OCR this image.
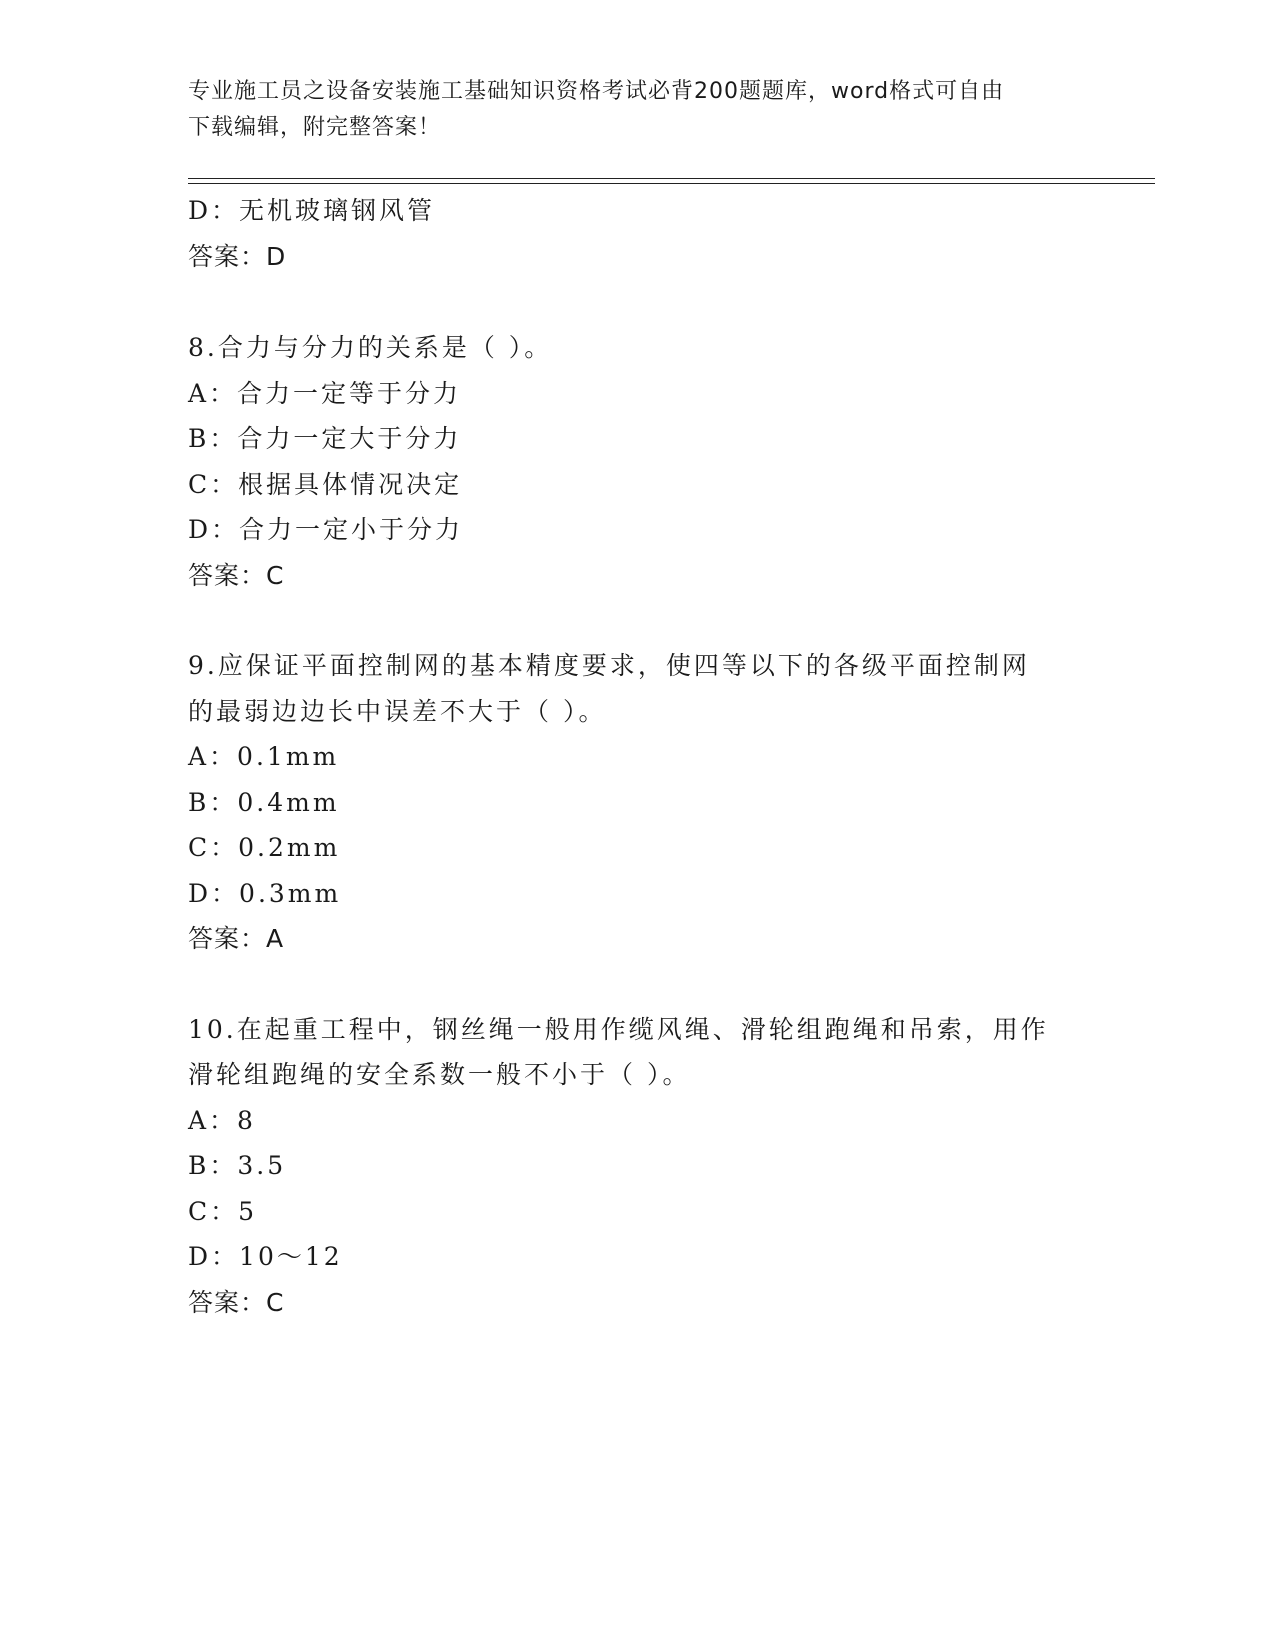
专业施工员之设备安装施工基础知识资格考试必背200题题库，word格式可自由
下载编辑，附完整答案！
D：无机玻璃钢风管
答案：D
8.合力与分力的关系是（ ）。
A：合力一定等于分力
B：合力一定大于分力
C：根据具体情况决定
D：合力一定小于分力
答案：C
9.应保证平面控制网的基本精度要求，使四等以下的各级平面控制网
的最弱边边长中误差不大于（ ）。
A：0.1mm
B：0.4mm
C：0.2mm
D：0.3mm
答案：A
10.在起重工程中，钢丝绳一般用作缆风绳、滑轮组跑绳和吊索，用作
滑轮组跑绳的安全系数一般不小于（ ）。
A：8
B：3.5
C：5
D：10～12
答案：C
